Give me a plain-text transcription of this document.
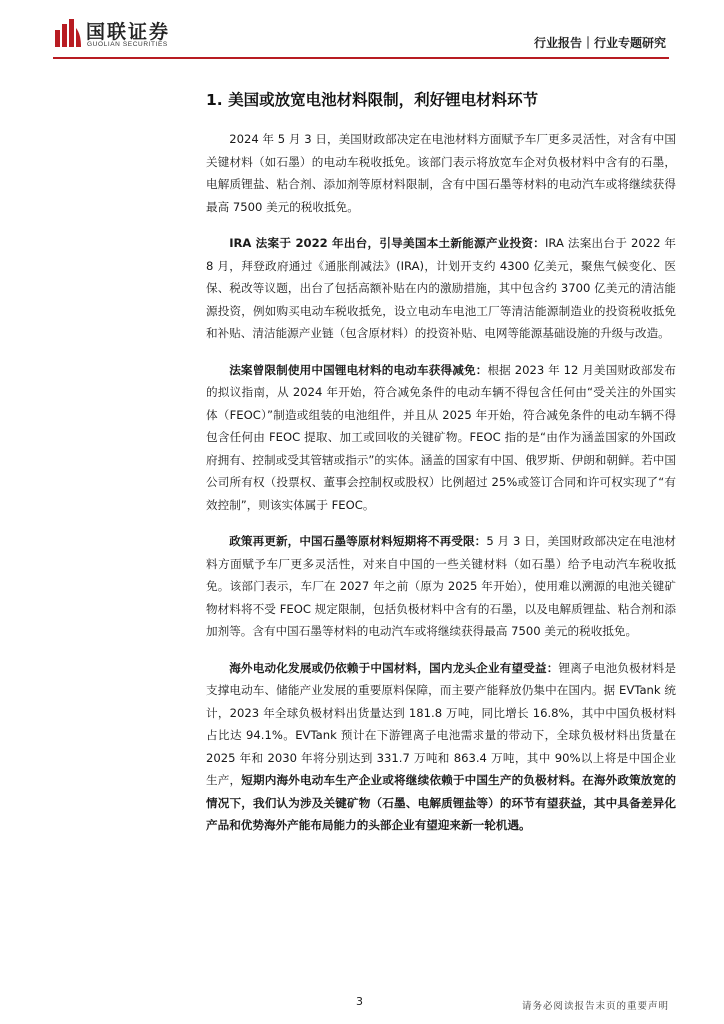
国联证券
GUOLIAN SECURITIES	行业报告｜行业专题研究
1. 美国或放宽电池材料限制，利好锂电材料环节

2024 年 5 月 3 日，美国财政部决定在电池材料方面赋予车厂更多灵活性，对含有中国关键材料（如石墨）的电动车税收抵免。该部门表示将放宽车企对负极材料中含有的石墨，电解质锂盐、粘合剂、添加剂等原材料限制，含有中国石墨等材料的电动汽车或将继续获得最高 7500 美元的税收抵免。

IRA 法案于 2022 年出台，引导美国本土新能源产业投资：IRA 法案出台于 2022 年 8 月，拜登政府通过《通胀削减法》(IRA)，计划开支约 4300 亿美元，聚焦气候变化、医保、税改等议题，出台了包括高额补贴在内的激励措施，其中包含约 3700 亿美元的清洁能源投资，例如购买电动车税收抵免，设立电动车电池工厂等清洁能源制造业的投资税收抵免和补贴、清洁能源产业链（包含原材料）的投资补贴、电网等能源基础设施的升级与改造。

法案曾限制使用中国锂电材料的电动车获得减免：根据 2023 年 12 月美国财政部发布的拟议指南，从 2024 年开始，符合减免条件的电动车辆不得包含任何由“受关注的外国实体（FEOC）”制造或组装的电池组件，并且从 2025 年开始，符合减免条件的电动车辆不得包含任何由 FEOC 提取、加工或回收的关键矿物。FEOC 指的是“由作为涵盖国家的外国政府拥有、控制或受其管辖或指示”的实体。涵盖的国家有中国、俄罗斯、伊朗和朝鲜。若中国公司所有权（投票权、董事会控制权或股权）比例超过 25%或签订合同和许可权实现了“有效控制”，则该实体属于 FEOC。

政策再更新，中国石墨等原材料短期将不再受限：5 月 3 日，美国财政部决定在电池材料方面赋予车厂更多灵活性，对来自中国的一些关键材料（如石墨）给予电动汽车税收抵免。该部门表示，车厂在 2027 年之前（原为 2025 年开始），使用难以溯源的电池关键矿物材料将不受 FEOC 规定限制，包括负极材料中含有的石墨，以及电解质锂盐、粘合剂和添加剂等。含有中国石墨等材料的电动汽车或将继续获得最高 7500 美元的税收抵免。

海外电动化发展或仍依赖于中国材料，国内龙头企业有望受益：锂离子电池负极材料是支撑电动车、储能产业发展的重要原料保障，而主要产能释放仍集中在国内。据 EVTank 统计，2023 年全球负极材料出货量达到 181.8 万吨，同比增长 16.8%，其中中国负极材料占比达 94.1%。EVTank 预计在下游锂离子电池需求量的带动下，全球负极材料出货量在 2025 年和 2030 年将分别达到 331.7 万吨和 863.4 万吨，其中 90%以上将是中国企业生产，短期内海外电动车生产企业或将继续依赖于中国生产的负极材料。在海外政策放宽的情况下，我们认为涉及关键矿物（石墨、电解质锂盐等）的环节有望获益，其中具备差异化产品和优势海外产能布局能力的头部企业有望迎来新一轮机遇。

3	请务必阅读报告末页的重要声明
